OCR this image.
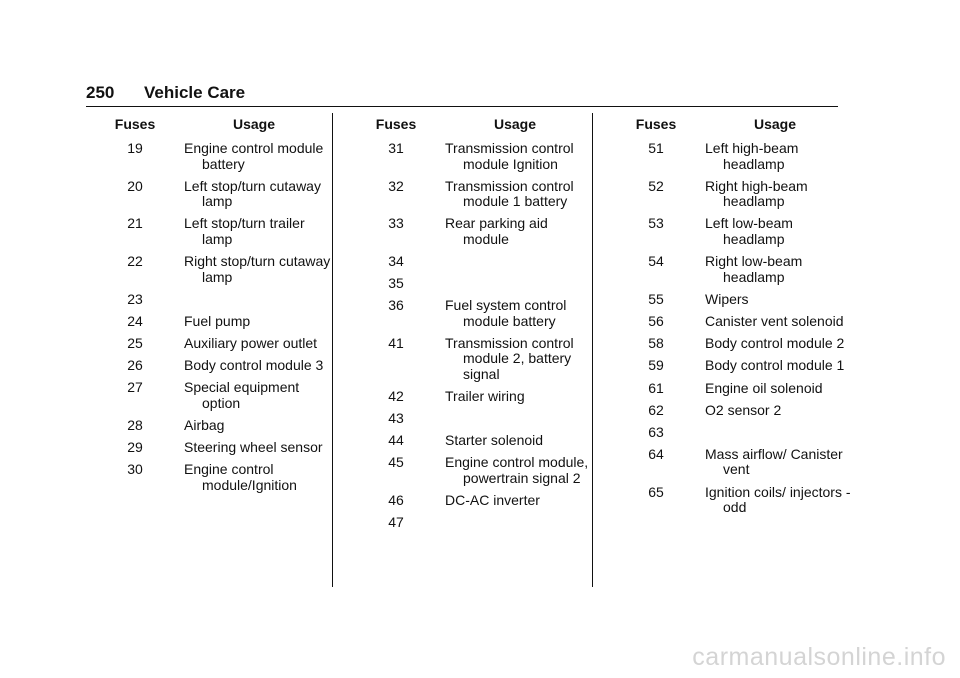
250 Vehicle Care
Fuses	Usage
19	Engine control module battery
20	Left stop/turn cutaway lamp
21	Left stop/turn trailer lamp
22	Right stop/turn cutaway lamp
23
24	Fuel pump
25	Auxiliary power outlet
26	Body control module 3
27	Special equipment option
28	Airbag
29	Steering wheel sensor
30	Engine control module/Ignition
Fuses	Usage
31	Transmission control module Ignition
32	Transmission control module 1 battery
33	Rear parking aid module
34
35
36	Fuel system control module battery
41	Transmission control module 2, battery signal
42	Trailer wiring
43
44	Starter solenoid
45	Engine control module, powertrain signal 2
46	DC-AC inverter
47
Fuses	Usage
51	Left high-beam headlamp
52	Right high-beam headlamp
53	Left low-beam headlamp
54	Right low-beam headlamp
55	Wipers
56	Canister vent solenoid
58	Body control module 2
59	Body control module 1
61	Engine oil solenoid
62	O2 sensor 2
63
64	Mass airflow/ Canister vent
65	Ignition coils/ injectors - odd
carmanualsonline.info
